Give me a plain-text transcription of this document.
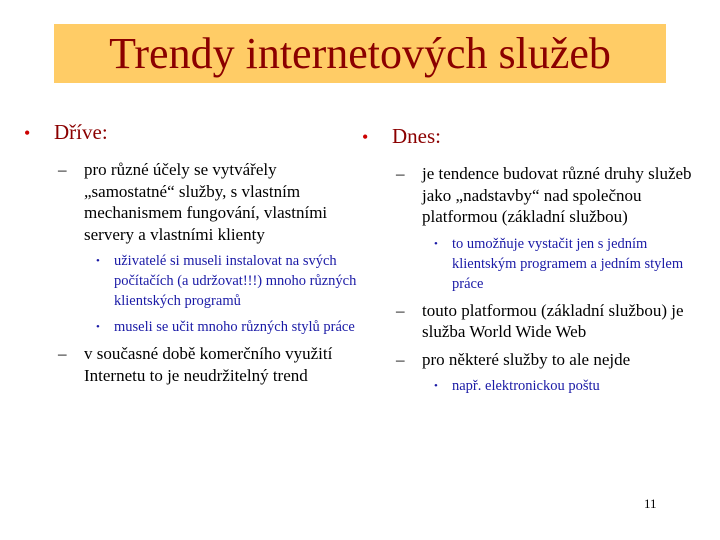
Trendy internetových služeb
•	Dříve:
–	pro různé účely se vytvářely „samostatné“ služby, s vlastním mechanismem fungování, vlastními servery a vlastními klienty
• uživatelé si museli instalovat na svých počítačích (a udržovat!!!) mnoho různých klientských programů
• museli se učit mnoho různých stylů práce
–	v současné době komerčního využití Internetu to je neudržitelný trend
•	Dnes:
–	je tendence budovat různé druhy služeb jako „nadstavby“ nad společnou platformou (základní službou)
• to umožňuje vystačit jen s jedním klientským programem a jedním stylem práce
–	touto platformou (základní službou) je služba World Wide Web
–	pro některé služby to ale nejde
• např. elektronickou poštu
11
